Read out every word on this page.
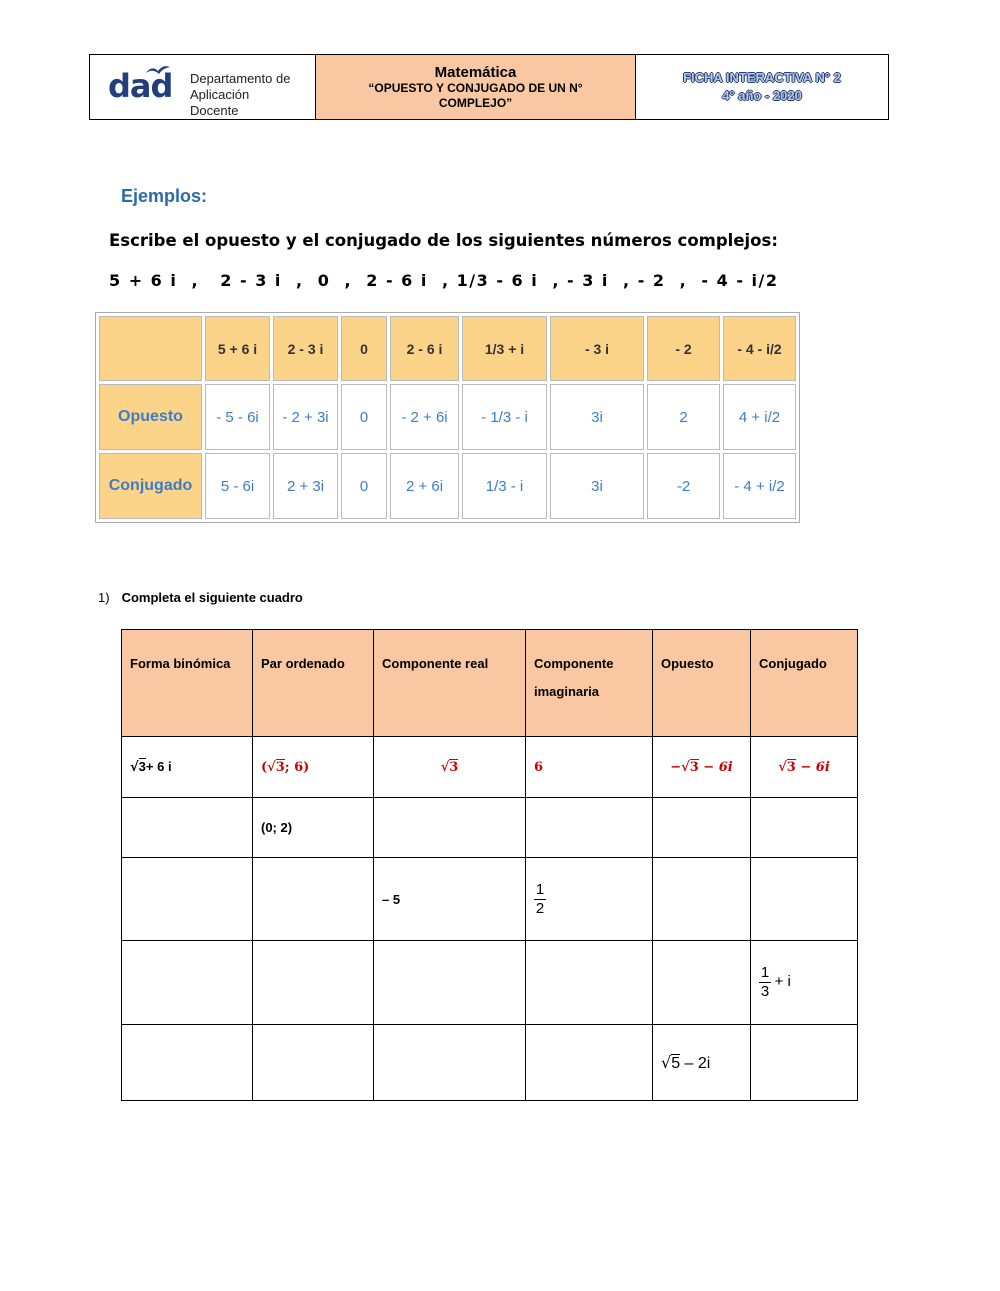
dad Departamento de
Aplicación
Docente
Matemática
“OPUESTO Y CONJUGADO DE UN N°
COMPLEJO”
FICHA INTERACTIVA N° 2
4° año - 2020
Ejemplos:
Escribe el opuesto y el conjugado de los siguientes números complejos:
5 + 6 i  ,   2 - 3 i  ,  0  ,  2 - 6 i  , 1/3 - 6 i  , - 3 i  , - 2  ,  - 4 - i/2
	5 + 6 i	2 - 3 i	0	2 - 6 i	1/3 + i	- 3 i	- 2	- 4 - i/2
Opuesto	- 5 - 6i	- 2 + 3i	0	- 2 + 6i	- 1/3 - i	3i	2	4 + i/2
Conjugado	5 - 6i	2 + 3i	0	2 + 6i	1/3 - i	3i	-2	- 4 + i/2
1) Completa el siguiente cuadro
Forma binómica	Par ordenado	Componente real	Componente imaginaria	Opuesto	Conjugado
√3+ 6 i	(√3; 6)	√3	6	−√3 − 6i	√3 − 6i
	(0; 2)				
		– 5	$\frac{1}{2}$

					$\frac{1}{3} + i$
				√5 – 2i	
